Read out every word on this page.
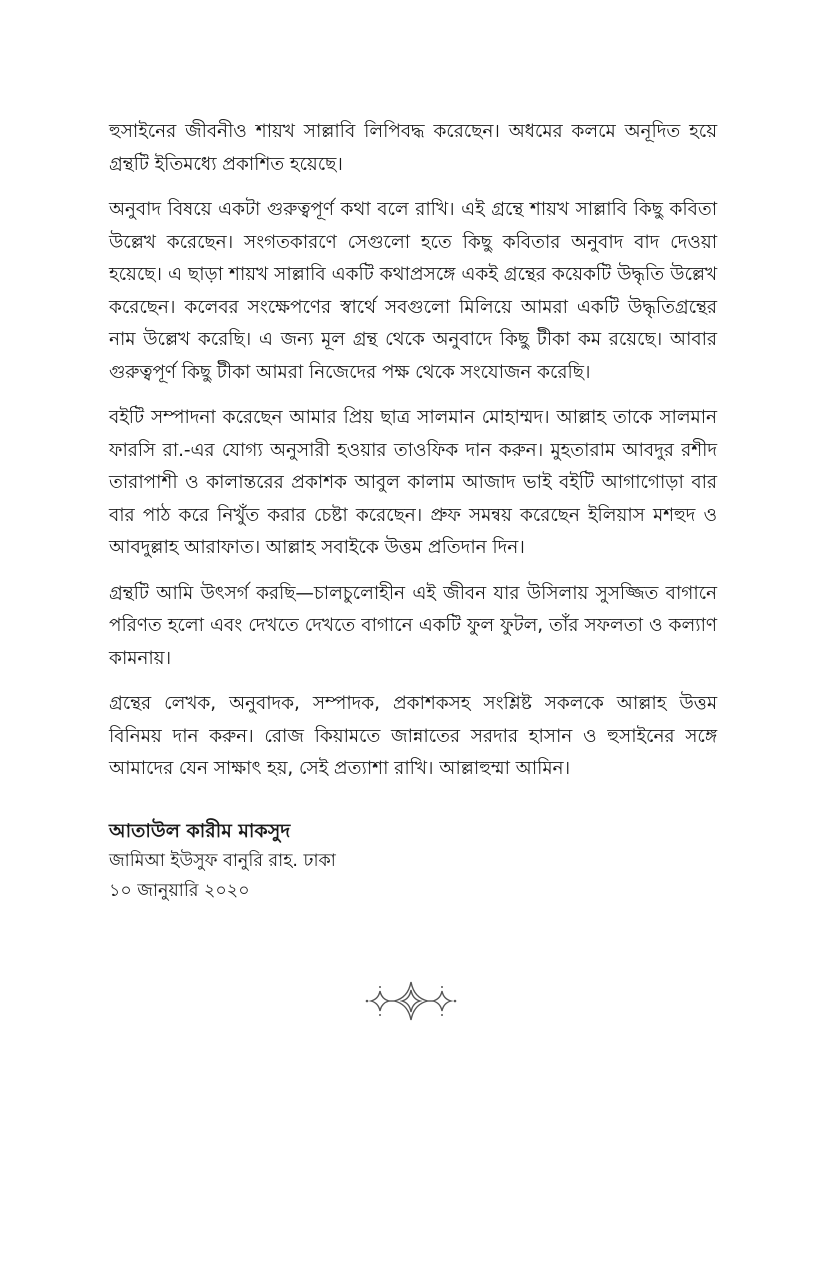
হুসাইনের জীবনীও শায়খ সাল্লাবি লিপিবদ্ধ করেছেন। অধমের কলমে অনূদিত হয়ে গ্রন্থটি ইতিমধ্যে প্রকাশিত হয়েছে।

অনুবাদ বিষয়ে একটা গুরুত্বপূর্ণ কথা বলে রাখি। এই গ্রন্থে শায়খ সাল্লাবি কিছু কবিতা উল্লেখ করেছেন। সংগতকারণে সেগুলো হতে কিছু কবিতার অনুবাদ বাদ দেওয়া হয়েছে। এ ছাড়া শায়খ সাল্লাবি একটি কথাপ্রসঙ্গে একই গ্রন্থের কয়েকটি উদ্ধৃতি উল্লেখ করেছেন। কলেবর সংক্ষেপণের স্বার্থে সবগুলো মিলিয়ে আমরা একটি উদ্ধৃতিগ্রন্থের নাম উল্লেখ করেছি। এ জন্য মূল গ্রন্থ থেকে অনুবাদে কিছু টীকা কম রয়েছে। আবার গুরুত্বপূর্ণ কিছু টীকা আমরা নিজেদের পক্ষ থেকে সংযোজন করেছি।

বইটি সম্পাদনা করেছেন আমার প্রিয় ছাত্র সালমান মোহাম্মদ। আল্লাহ তাকে সালমান ফারসি রা.-এর যোগ্য অনুসারী হওয়ার তাওফিক দান করুন। মুহতারাম আবদুর রশীদ তারাপাশী ও কালান্তরের প্রকাশক আবুল কালাম আজাদ ভাই বইটি আগাগোড়া বার বার পাঠ করে নিখুঁত করার চেষ্টা করেছেন। প্রুফ সমন্বয় করেছেন ইলিয়াস মশহুদ ও আবদুল্লাহ আরাফাত। আল্লাহ সবাইকে উত্তম প্রতিদান দিন।

গ্রন্থটি আমি উৎসর্গ করছি—চালচুলোহীন এই জীবন যার উসিলায় সুসজ্জিত বাগানে পরিণত হলো এবং দেখতে দেখতে বাগানে একটি ফুল ফুটল, তাঁর সফলতা ও কল্যাণ কামনায়।

গ্রন্থের লেখক, অনুবাদক, সম্পাদক, প্রকাশকসহ সংশ্লিষ্ট সকলকে আল্লাহ উত্তম বিনিময় দান করুন। রোজ কিয়ামতে জান্নাতের সরদার হাসান ও হুসাইনের সঙ্গে আমাদের যেন সাক্ষাৎ হয়, সেই প্রত্যাশা রাখি। আল্লাহুম্মা আমিন।

আতাউল কারীম মাকসুদ
জামিআ ইউসুফ বানুরি রাহ. ঢাকা
১০ জানুয়ারি ২০২০
